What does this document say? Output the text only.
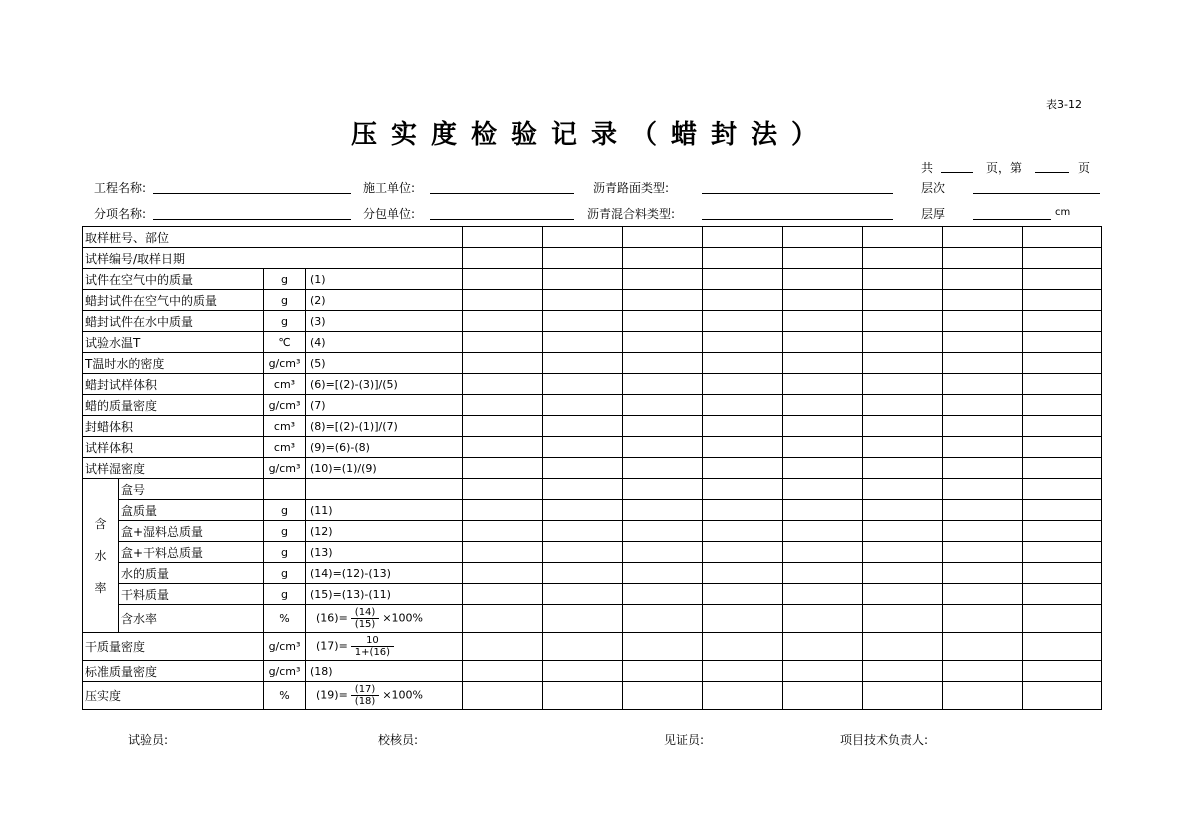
表3-12
压实度检验记录（蜡封法）
共	页，第	页
工程名称:	施工单位:	沥青路面类型:	层次
分项名称:	分包单位:	沥青混合料类型:	层厚	cm
取样桩号、部位											
试样编号/取样日期											
试件在空气中的质量		g	(1)								
蜡封试件在空气中的质量		g	(2)								
蜡封试件在水中质量		g	(3)								
试验水温T		℃	(4)								
T温时水的密度		g/cm³	(5)								
蜡封试样体积		cm³	(6)=[(2)-(3)]/(5)								
蜡的质量密度		g/cm³	(7)								
封蜡体积		cm³	(8)=[(2)-(1)]/(7)								
试样体积		cm³	(9)=(6)-(8)								
试样湿密度		g/cm³	(10)=(1)/(9)								

含
水
率	盒号										
	盒质量	g	(11)								
	盒+湿料总质量	g	(12)								
	盒+干料总质量	g	(13)								
	水的质量	g	(14)=(12)-(13)								
	干料质量	g	(15)=(13)-(11)								
	含水率	%	$(16)= \frac{(14)}{(15)} \times 100\%$								
干质量密度		g/cm³	$(17)= \frac{10}{1+(16)}$

标准质量密度		g/cm³	(18)								
压实度		%	$(19)= \frac{(17)}{(18)} \times 100\%$								
试验员:	校核员:	见证员:	项目技术负责人:
